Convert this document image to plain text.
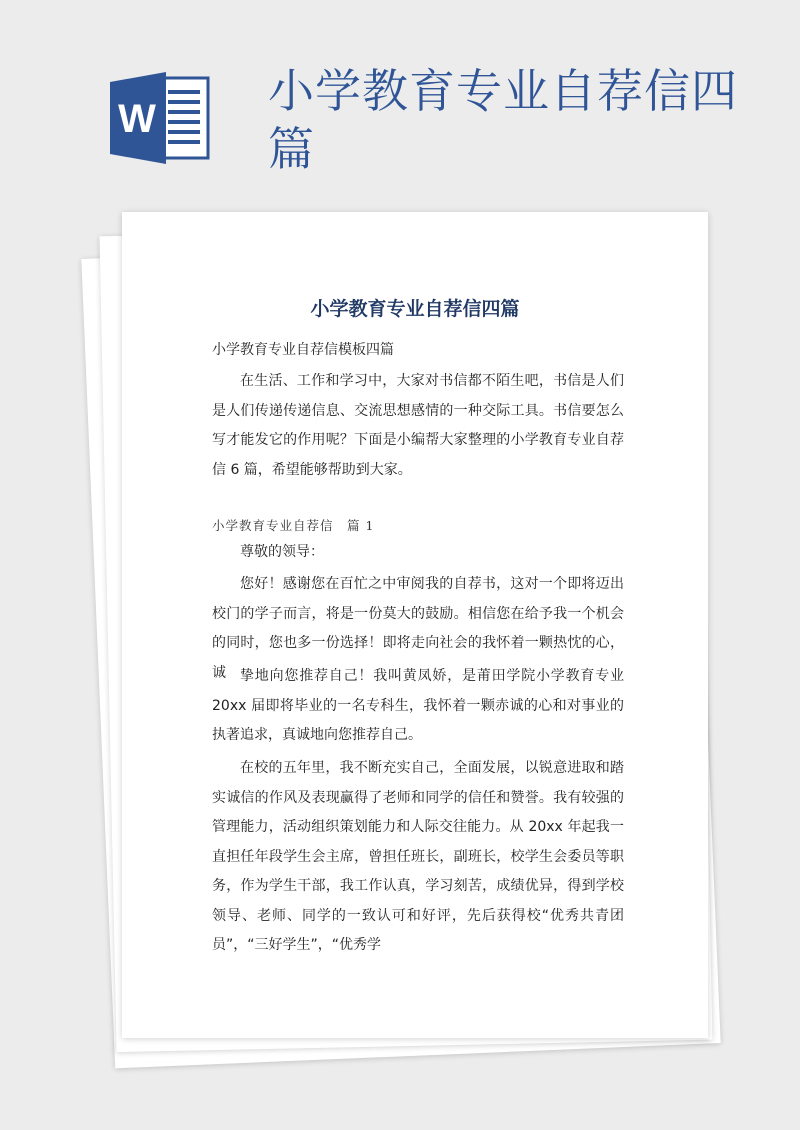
W
小学教育专业自荐信四篇
小学教育专业自荐信四篇

小学教育专业自荐信模板四篇

在生活、工作和学习中，大家对书信都不陌生吧，书信是人们是人们传递传递信息、交流思想感情的一种交际工具。书信要怎么写才能发它的作用呢？下面是小编帮大家整理的小学教育专业自荐信 6 篇，希望能够帮助到大家。

小学教育专业自荐信　篇 1

尊敬的领导：

您好！感谢您在百忙之中审阅我的自荐书，这对一个即将迈出校门的学子而言，将是一份莫大的鼓励。相信您在给予我一个机会的同时，您也多一份选择！即将走向社会的我怀着一颗热忱的心，诚	挚地向您推荐自己！我叫黄凤娇，是莆田学院小学教育专业 20xx 届即将毕业的一名专科生，我怀着一颗赤诚的心和对事业的执著追求，真诚地向您推荐自己。

在校的五年里，我不断充实自己，全面发展，以锐意进取和踏实诚信的作风及表现赢得了老师和同学的信任和赞誉。我有较强的管理能力，活动组织策划能力和人际交往能力。从 20xx 年起我一直担任年段学生会主席，曾担任班长，副班长，校学生会委员等职务，作为学生干部，我工作认真，学习刻苦，成绩优异，得到学校领导、老师、同学的一致认可和好评，先后获得校“优秀共青团员”，“三好学生”，“优秀学
